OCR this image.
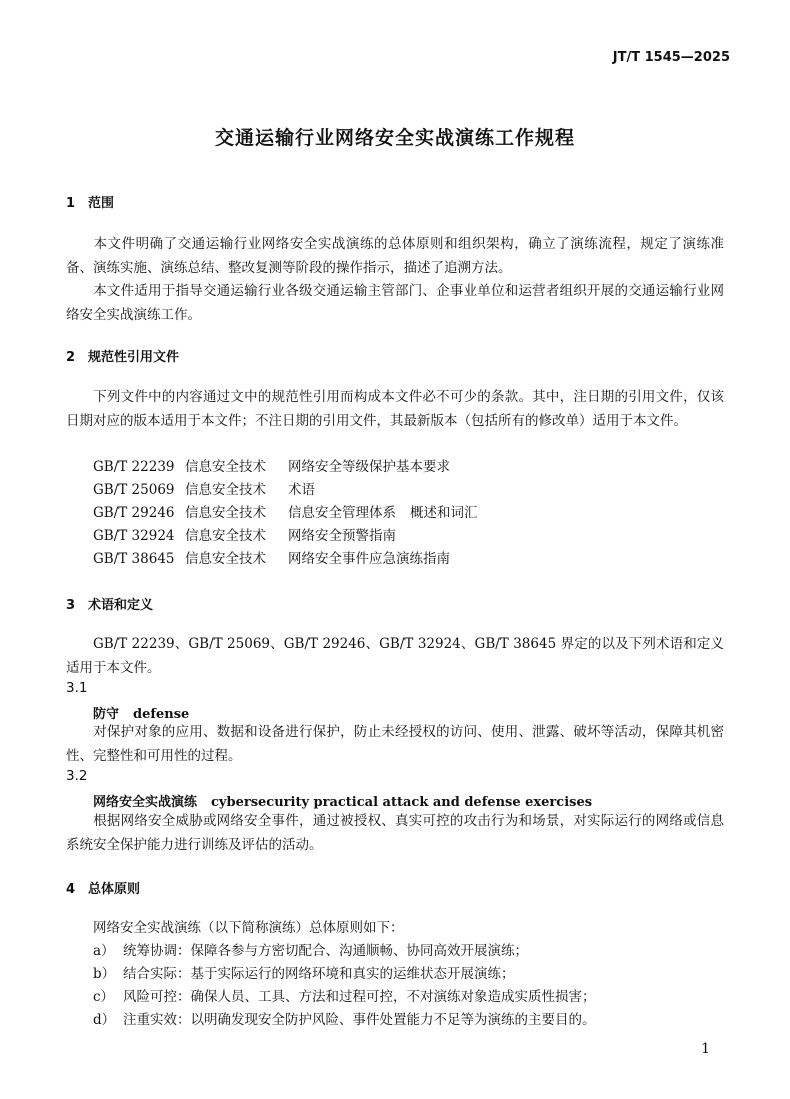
JT/T 1545—2025
交通运输行业网络安全实战演练工作规程
1 范围
本文件明确了交通运输行业网络安全实战演练的总体原则和组织架构，确立了演练流程，规定了演练准备、演练实施、演练总结、整改复测等阶段的操作指示，描述了追溯方法。
本文件适用于指导交通运输行业各级交通运输主管部门、企事业单位和运营者组织开展的交通运输行业网络安全实战演练工作。
2 规范性引用文件
下列文件中的内容通过文中的规范性引用而构成本文件必不可少的条款。其中，注日期的引用文件，仅该日期对应的版本适用于本文件；不注日期的引用文件，其最新版本（包括所有的修改单）适用于本文件。
GB/T 22239 信息安全技术 网络安全等级保护基本要求
GB/T 25069 信息安全技术 术语
GB/T 29246 信息安全技术 信息安全管理体系 概述和词汇
GB/T 32924 信息安全技术 网络安全预警指南
GB/T 38645 信息安全技术 网络安全事件应急演练指南
3 术语和定义
GB/T 22239、GB/T 25069、GB/T 29246、GB/T 32924、GB/T 38645 界定的以及下列术语和定义适用于本文件。
3.1
防守 defense
对保护对象的应用、数据和设备进行保护，防止未经授权的访问、使用、泄露、破坏等活动，保障其机密性、完整性和可用性的过程。
3.2
网络安全实战演练 cybersecurity practical attack and defense exercises
根据网络安全威胁或网络安全事件，通过被授权、真实可控的攻击行为和场景，对实际运行的网络或信息系统安全保护能力进行训练及评估的活动。
4 总体原则
网络安全实战演练（以下简称演练）总体原则如下：
a） 统筹协调：保障各参与方密切配合、沟通顺畅、协同高效开展演练；
b） 结合实际：基于实际运行的网络环境和真实的运维状态开展演练；
c） 风险可控：确保人员、工具、方法和过程可控，不对演练对象造成实质性损害；
d） 注重实效：以明确发现安全防护风险、事件处置能力不足等为演练的主要目的。
1
